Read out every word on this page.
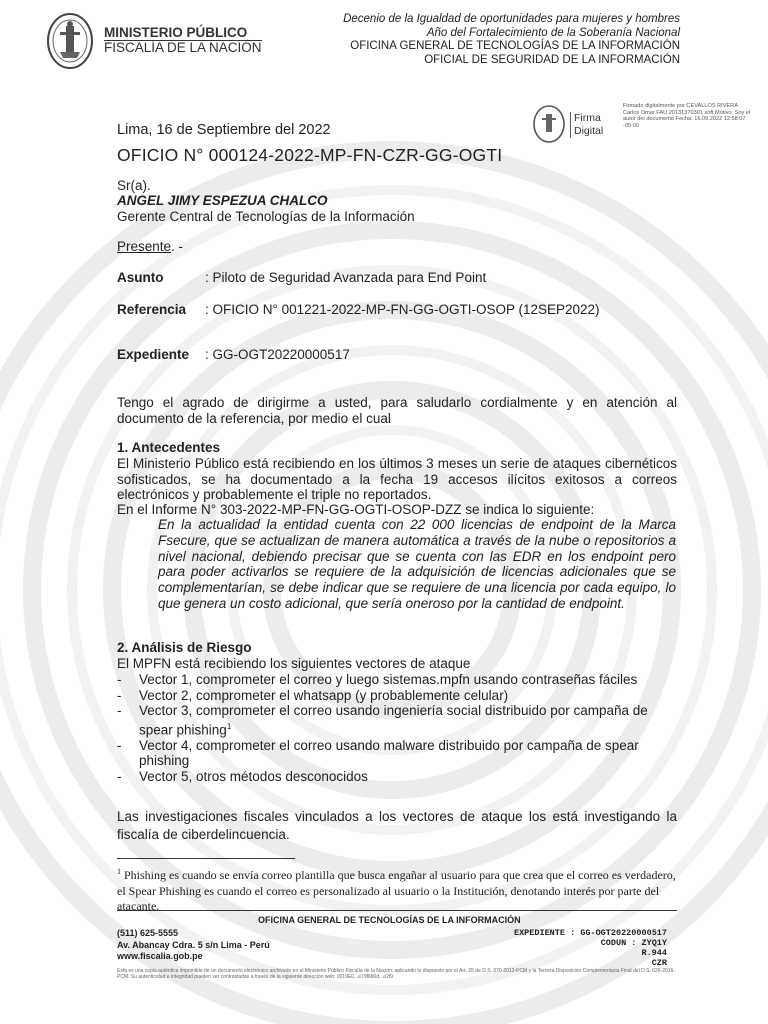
MINISTERIO PÚBLICO
FISCALÍA DE LA NACIÓN
Decenio de la Igualdad de oportunidades para mujeres y hombres
Año del Fortalecimiento de la Soberanía Nacional
OFICINA GENERAL DE TECNOLOGÍAS DE LA INFORMACIÓN
OFICIAL DE SEGURIDAD DE LA INFORMACIÓN
Firma
Digital
Firmado digitalmente por CEVALLOS RIVERA Carlos Omar FAU 20131370301 soft Motivo: Soy el autor del documento Fecha: 16.09.2022 12:58:07 -05:00
Lima, 16 de Septiembre del 2022
OFICIO N° 000124-2022-MP-FN-CZR-GG-OGTI
Sr(a).
ANGEL JIMY ESPEZUA CHALCO
Gerente Central de Tecnologías de la Información
Presente. -
Asunto	: Piloto de Seguridad Avanzada para End Point
Referencia : OFICIO N° 001221-2022-MP-FN-GG-OGTI-OSOP (12SEP2022)
Expediente : GG-OGT20220000517
Tengo el agrado de dirigirme a usted, para saludarlo cordialmente y en atención al documento de la referencia, por medio el cual
1. Antecedentes
El Ministerio Público está recibiendo en los últimos 3 meses un serie de ataques cibernéticos sofisticados, se ha documentado a la fecha 19 accesos ilícitos exitosos a correos electrónicos y probablemente el triple no reportados.
En el Informe N° 303-2022-MP-FN-GG-OGTI-OSOP-DZZ se indica lo siguiente:
En la actualidad la entidad cuenta con 22 000 licencias de endpoint de la Marca Fsecure, que se actualizan de manera automática a través de la nube o repositorios a nivel nacional, debiendo precisar que se cuenta con las EDR en los endpoint pero para poder activarlos se requiere de la adquisición de licencias adicionales que se complementarían, se debe indicar que se requiere de una licencia por cada equipo, lo que genera un costo adicional, que sería oneroso por la cantidad de endpoint.
2. Análisis de Riesgo
El MPFN está recibiendo los siguientes vectores de ataque
- Vector 1, comprometer el correo y luego sistemas.mpfn usando contraseñas fáciles
- Vector 2, comprometer el whatsapp (y probablemente celular)
- Vector 3, comprometer el correo usando ingeniería social distribuido por campaña de spear phishing$^1$
- Vector 4, comprometer el correo usando malware distribuido por campaña de spear phishing
- Vector 5, otros métodos desconocidos
Las investigaciones fiscales vinculados a los vectores de ataque los está investigando la fiscalía de ciberdelincuencia.
$^1$ Phishing es cuando se envía correo plantilla que busca engañar al usuario para que crea que el correo es verdadero, el Spear Phishing es cuando el correo es personalizado al usuario o la Institución, denotando interés por parte del atacante.
OFICINA GENERAL DE TECNOLOGÍAS DE LA INFORMACIÓN
(511) 625-5555
Av. Abancay Cdra. 5 s/n Lima - Perú
www.fiscalia.gob.pe
EXPEDIENTE : GG-OGT20220000517
CODUN : ZYQ1Y
R.944
CZR
Esta es una copia auténtica imprimible de un documento electrónico archivado en el Ministerio Público Fiscalía de la Nación, aplicando lo dispuesto por el Art. 25 de D.S. 070-2013-PCM y la Tercera Disposición Complementaria Final del D.S. 026-2016-PCM. Su autenticidad e integridad pueden ser contrastadas a través de la siguiente dirección web: 0019E0...e79f6b0d...e2f9
